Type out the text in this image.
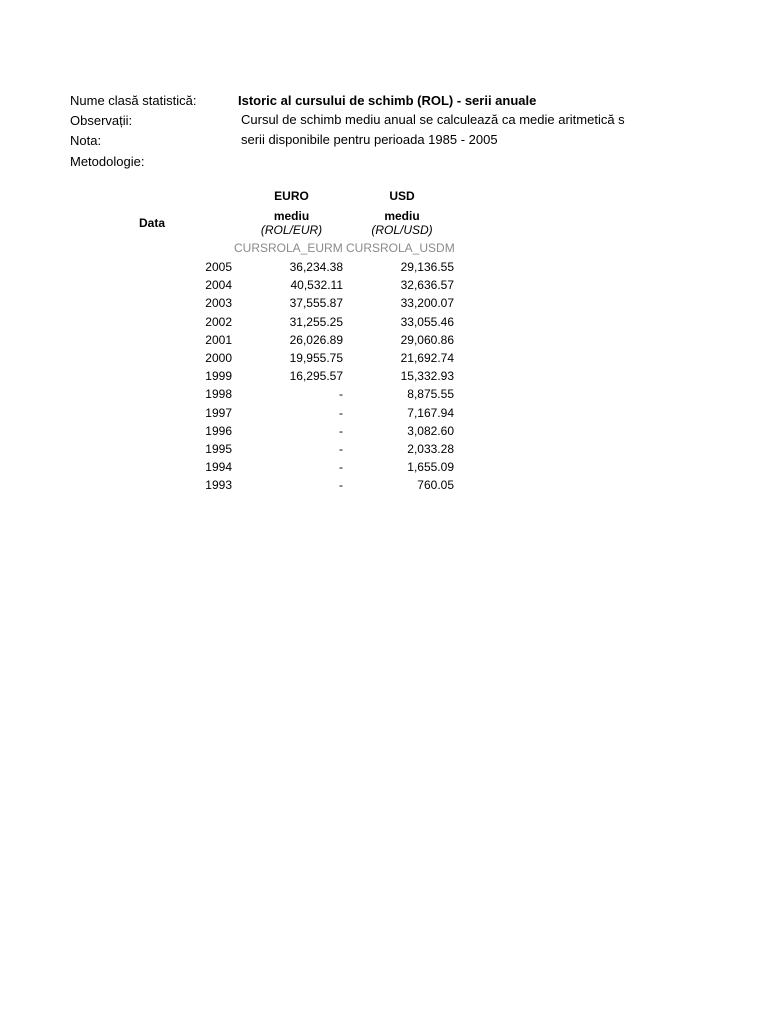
Nume clasă statistică:	Istoric al cursului de schimb (ROL) - serii anuale
Observații:	Cursul de schimb mediu anual se calculează ca medie aritmetică s
Nota:	serii disponibile pentru perioada 1985 - 2005
Metodologie:
Data
EURO
mediu
(ROL/EUR)
CURSROLA_EURM
USD
mediu
(ROL/USD)
CURSROLA_USDM
2005	36,234.38	29,136.55
2004	40,532.11	32,636.57
2003	37,555.87	33,200.07
2002	31,255.25	33,055.46
2001	26,026.89	29,060.86
2000	19,955.75	21,692.74
1999	16,295.57	15,332.93
1998	-	8,875.55
1997	-	7,167.94
1996	-	3,082.60
1995	-	2,033.28
1994	-	1,655.09
1993	-	760.05
